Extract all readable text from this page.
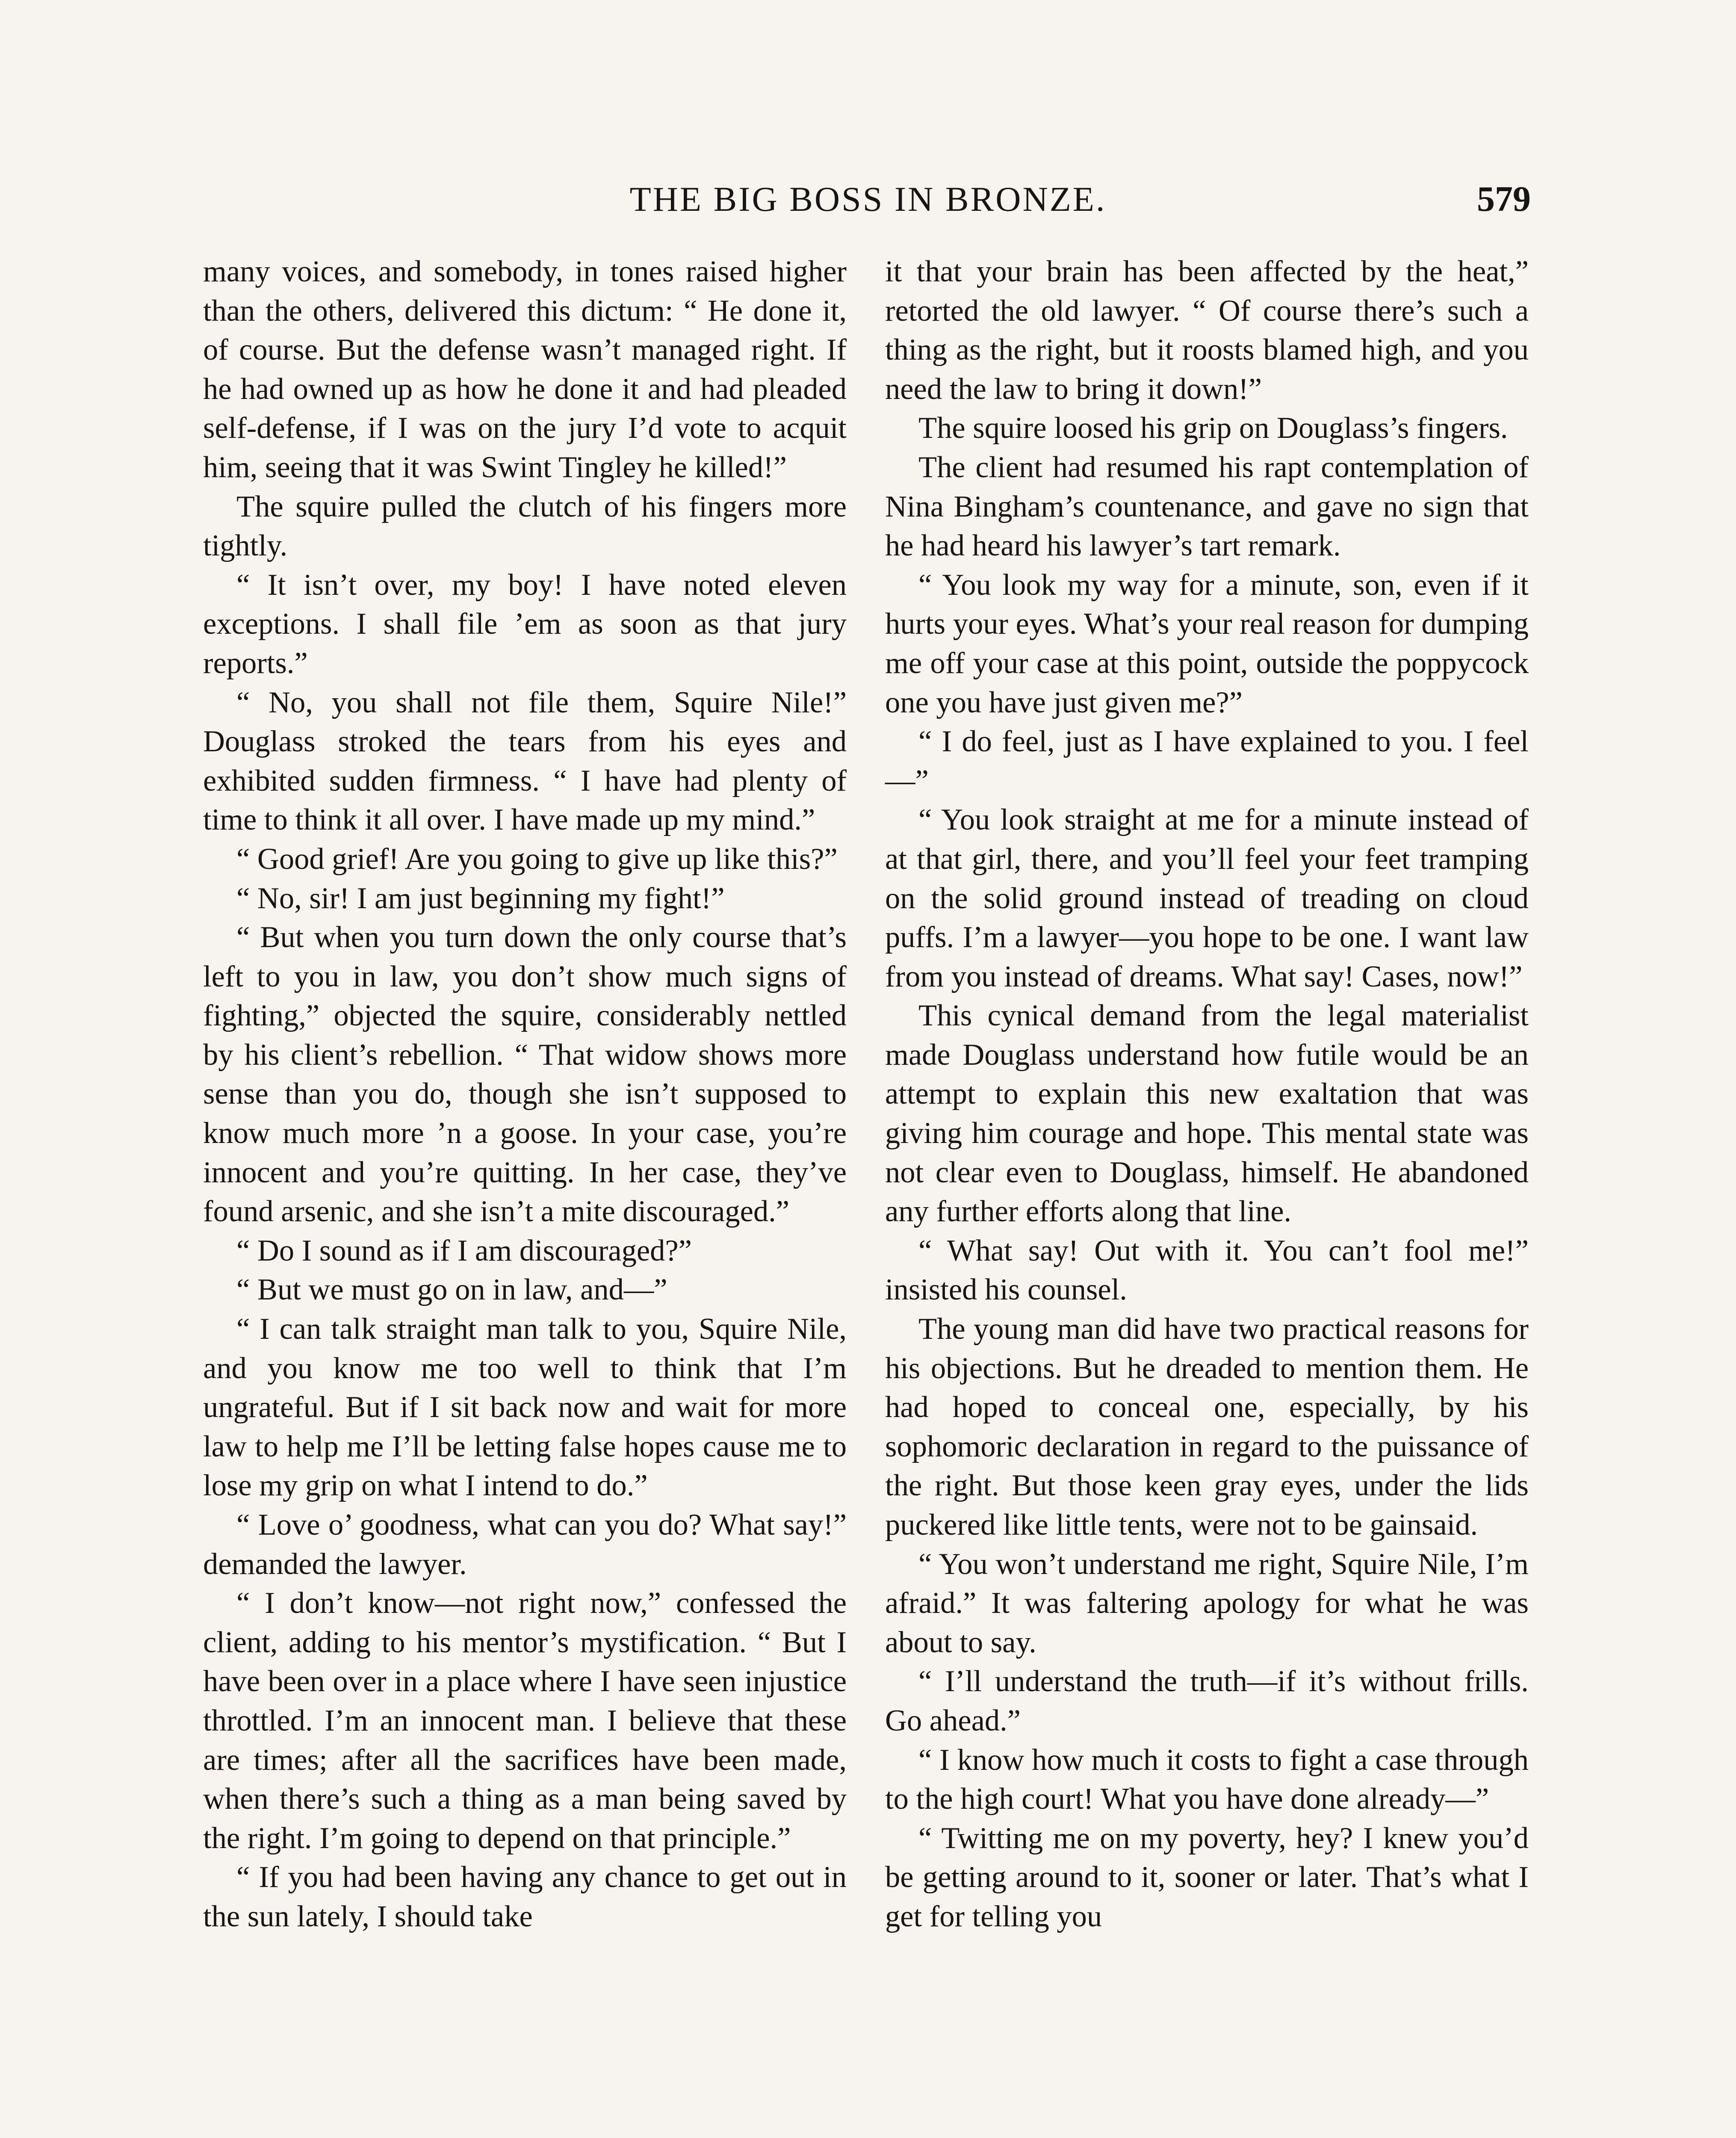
THE BIG BOSS IN BRONZE.	579

many voices, and somebody, in tones raised higher than the others, delivered this dictum: “ He done it, of course. But the defense wasn’t managed right. If he had owned up as how he done it and had pleaded self-defense, if I was on the jury I’d vote to acquit him, seeing that it was Swint Tingley he killed!”

The squire pulled the clutch of his fingers more tightly.

“ It isn’t over, my boy! I have noted eleven exceptions. I shall file ’em as soon as that jury reports.”

“ No, you shall not file them, Squire Nile!” Douglass stroked the tears from his eyes and exhibited sudden firmness. “ I have had plenty of time to think it all over. I have made up my mind.”

“ Good grief! Are you going to give up like this?”

“ No, sir! I am just beginning my fight!”

“ But when you turn down the only course that’s left to you in law, you don’t show much signs of fighting,” objected the squire, considerably nettled by his client’s rebellion. “ That widow shows more sense than you do, though she isn’t supposed to know much more ’n a goose. In your case, you’re innocent and you’re quitting. In her case, they’ve found arsenic, and she isn’t a mite discouraged.”

“ Do I sound as if I am discouraged?”

“ But we must go on in law, and—”

“ I can talk straight man talk to you, Squire Nile, and you know me too well to think that I’m ungrateful. But if I sit back now and wait for more law to help me I’ll be letting false hopes cause me to lose my grip on what I intend to do.”

“ Love o’ goodness, what can you do? What say!” demanded the lawyer.

“ I don’t know—not right now,” confessed the client, adding to his mentor’s mystification. “ But I have been over in a place where I have seen injustice throttled. I’m an innocent man. I believe that these are times; after all the sacrifices have been made, when there’s such a thing as a man being saved by the right. I’m going to depend on that principle.”

“ If you had been having any chance to get out in the sun lately, I should take

it that your brain has been affected by the heat,” retorted the old lawyer. “ Of course there’s such a thing as the right, but it roosts blamed high, and you need the law to bring it down!”

The squire loosed his grip on Douglass’s fingers.

The client had resumed his rapt contemplation of Nina Bingham’s countenance, and gave no sign that he had heard his lawyer’s tart remark.

“ You look my way for a minute, son, even if it hurts your eyes. What’s your real reason for dumping me off your case at this point, outside the poppycock one you have just given me?”

“ I do feel, just as I have explained to you. I feel—”

“ You look straight at me for a minute instead of at that girl, there, and you’ll feel your feet tramping on the solid ground instead of treading on cloud puffs. I’m a lawyer—you hope to be one. I want law from you instead of dreams. What say! Cases, now!”

This cynical demand from the legal materialist made Douglass understand how futile would be an attempt to explain this new exaltation that was giving him courage and hope. This mental state was not clear even to Douglass, himself. He abandoned any further efforts along that line.

“ What say! Out with it. You can’t fool me!” insisted his counsel.

The young man did have two practical reasons for his objections. But he dreaded to mention them. He had hoped to conceal one, especially, by his sophomoric declaration in regard to the puissance of the right. But those keen gray eyes, under the lids puckered like little tents, were not to be gainsaid.

“ You won’t understand me right, Squire Nile, I’m afraid.” It was faltering apology for what he was about to say.

“ I’ll understand the truth—if it’s without frills. Go ahead.”

“ I know how much it costs to fight a case through to the high court! What you have done already—”

“ Twitting me on my poverty, hey? I knew you’d be getting around to it, sooner or later. That’s what I get for telling you
